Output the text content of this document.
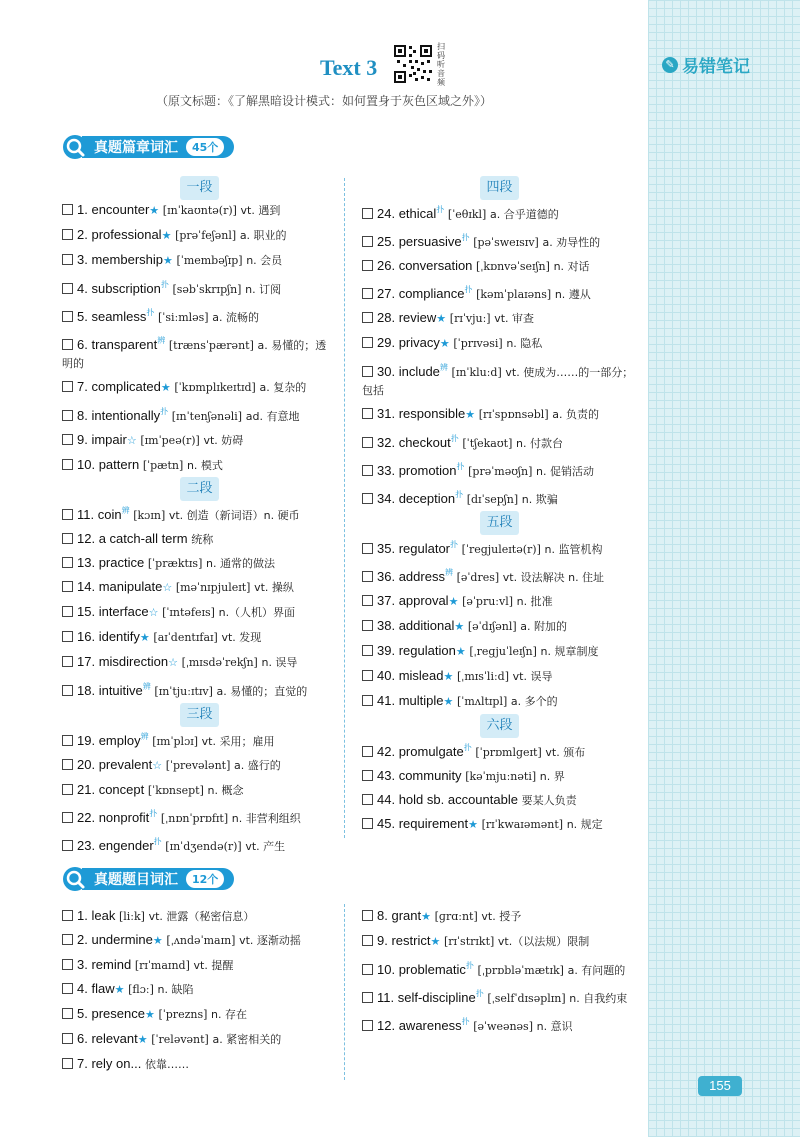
Text 3
扫码听音频
（原文标题：《了解黑暗设计模式：如何置身于灰色区域之外》）
真题篇章词汇	45个
一段

1. encounter★ [ɪnˈkaʊntə(r)] vt. 遇到

2. professional★ [prəˈfeʃənl] a. 职业的

3. membership★ [ˈmembəʃɪp] n. 会员

4. subscription$^扑$ [səbˈskrɪpʃn] n. 订阅

5. seamless$^扑$ [ˈsiːmləs] a. 流畅的

6. transparent$^辨$ [trænsˈpærənt] a. 易懂的；透明的

7. complicated★ [ˈkɒmplɪkeɪtɪd] a. 复杂的

8. intentionally$^扑$ [ɪnˈtenʃənəli] ad. 有意地

9. impair☆ [ɪmˈpeə(r)] vt. 妨碍

10. pattern [ˈpætn] n. 模式

二段

11. coin$^辨$ [kɔɪn] vt. 创造（新词语）n. 硬币

12. a catch-all term 统称

13. practice [ˈpræktɪs] n. 通常的做法

14. manipulate☆ [məˈnɪpjuleɪt] vt. 操纵

15. interface☆ [ˈɪntəfeɪs] n.（人机）界面

16. identify★ [aɪˈdentɪfaɪ] vt. 发现

17. misdirection☆ [ˌmɪsdəˈrekʃn] n. 误导

18. intuitive$^辨$ [ɪnˈtjuːɪtɪv] a. 易懂的；直觉的

三段

19. employ$^辨$ [ɪmˈplɔɪ] vt. 采用；雇用

20. prevalent☆ [ˈprevələnt] a. 盛行的

21. concept [ˈkɒnsept] n. 概念

22. nonprofit$^扑$ [ˌnɒnˈprɒfɪt] n. 非营利组织

23. engender$^扑$ [ɪnˈdʒendə(r)] vt. 产生

四段

24. ethical$^扑$ [ˈeθɪkl] a. 合乎道德的

25. persuasive$^扑$ [pəˈsweɪsɪv] a. 劝导性的

26. conversation [ˌkɒnvəˈseɪʃn] n. 对话

27. compliance$^扑$ [kəmˈplaɪəns] n. 遵从

28. review★ [rɪˈvjuː] vt. 审查

29. privacy★ [ˈprɪvəsi] n. 隐私

30. include$^辨$ [ɪnˈkluːd] vt. 使成为……的一部分；包括

31. responsible★ [rɪˈspɒnsəbl] a. 负责的

32. checkout$^扑$ [ˈtʃekaʊt] n. 付款台

33. promotion$^扑$ [prəˈməʊʃn] n. 促销活动

34. deception$^扑$ [dɪˈsepʃn] n. 欺骗

五段

35. regulator$^扑$ [ˈregjuleɪtə(r)] n. 监管机构

36. address$^辨$ [əˈdres] vt. 设法解决 n. 住址

37. approval★ [əˈpruːvl] n. 批准

38. additional★ [əˈdɪʃənl] a. 附加的

39. regulation★ [ˌreɡjuˈleɪʃn] n. 规章制度

40. mislead★ [ˌmɪsˈliːd] vt. 误导

41. multiple★ [ˈmʌltɪpl] a. 多个的

六段

42. promulgate$^扑$ [ˈprɒmlgeɪt] vt. 颁布

43. community [kəˈmjuːnəti] n. 界

44. hold sb. accountable 要某人负责

45. requirement★ [rɪˈkwaɪəmənt] n. 规定

真题题目词汇	12个

1. leak [liːk] vt. 泄露（秘密信息）

2. undermine★ [ˌʌndəˈmaɪn] vt. 逐渐动摇

3. remind [rɪˈmaɪnd] vt. 提醒

4. flaw★ [flɔː] n. 缺陷

5. presence★ [ˈprezns] n. 存在

6. relevant★ [ˈreləvənt] a. 紧密相关的

7. rely on... 依靠……

8. grant★ [ɡrɑːnt] vt. 授予

9. restrict★ [rɪˈstrɪkt] vt.（以法规）限制

10. problematic$^扑$ [ˌprɒbləˈmætɪk] a. 有问题的

11. self-discipline$^扑$ [ˌselfˈdɪsəplɪn] n. 自我约束

12. awareness$^扑$ [əˈweənəs] n. 意识

✎ 易错笔记
155
